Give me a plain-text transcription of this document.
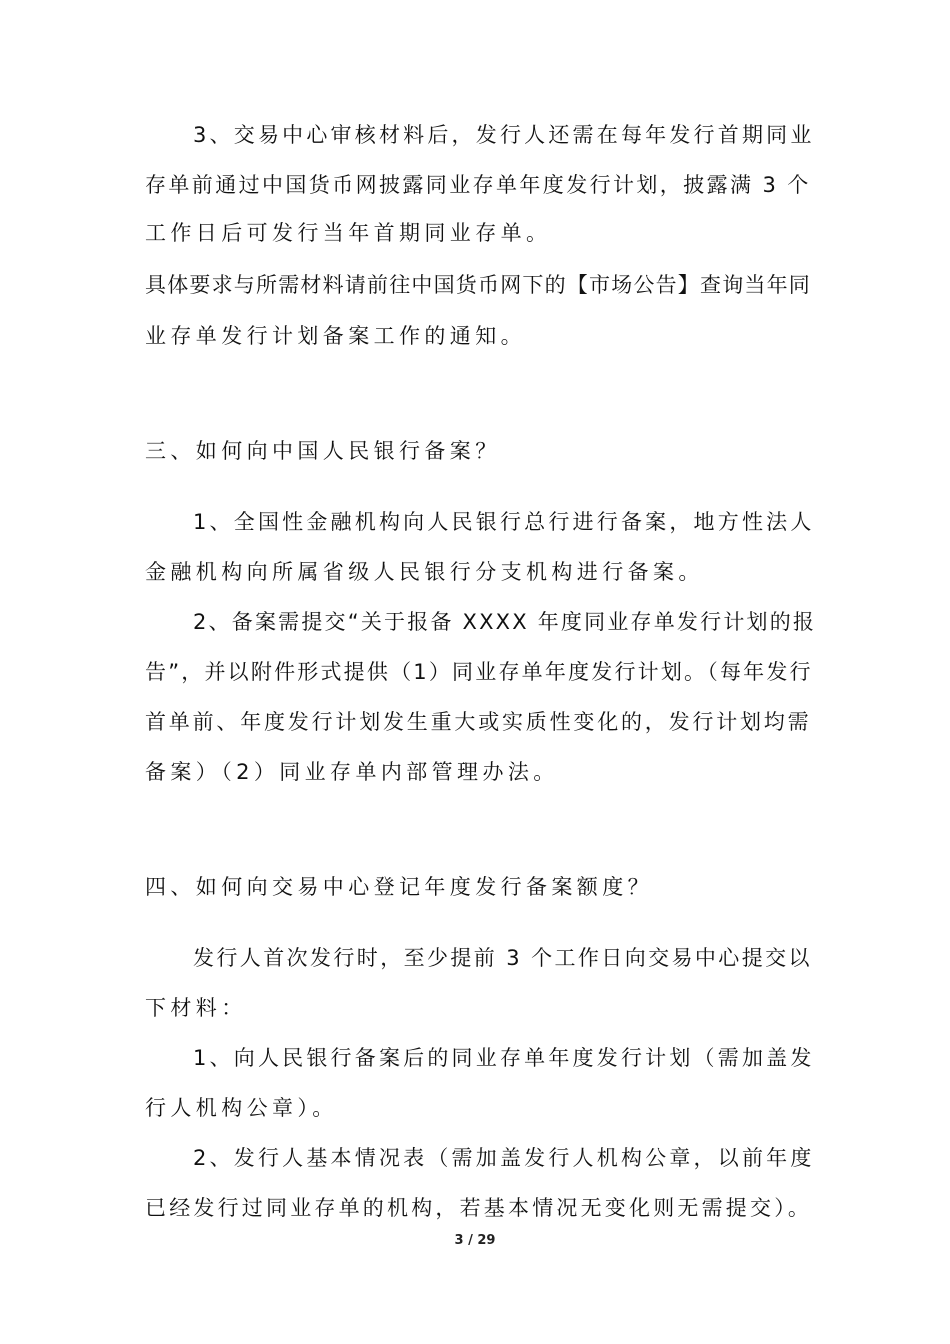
3、交易中心审核材料后，发行人还需在每年发行首期同业
存单前通过中国货币网披露同业存单年度发行计划，披露满 3 个
工作日后可发行当年首期同业存单。
具体要求与所需材料请前往中国货币网下的【市场公告】查询当年同
业存单发行计划备案工作的通知。
三、如何向中国人民银行备案？
1、全国性金融机构向人民银行总行进行备案，地方性法人
金融机构向所属省级人民银行分支机构进行备案。
2、备案需提交“关于报备 XXXX 年度同业存单发行计划的报
告”，并以附件形式提供（1）同业存单年度发行计划。（每年发行
首单前、年度发行计划发生重大或实质性变化的，发行计划均需
备案）（2）同业存单内部管理办法。
四、如何向交易中心登记年度发行备案额度？
发行人首次发行时，至少提前 3 个工作日向交易中心提交以
下材料：
1、向人民银行备案后的同业存单年度发行计划（需加盖发
行人机构公章）。
2、发行人基本情况表（需加盖发行人机构公章，以前年度
已经发行过同业存单的机构，若基本情况无变化则无需提交）。
3 / 29
